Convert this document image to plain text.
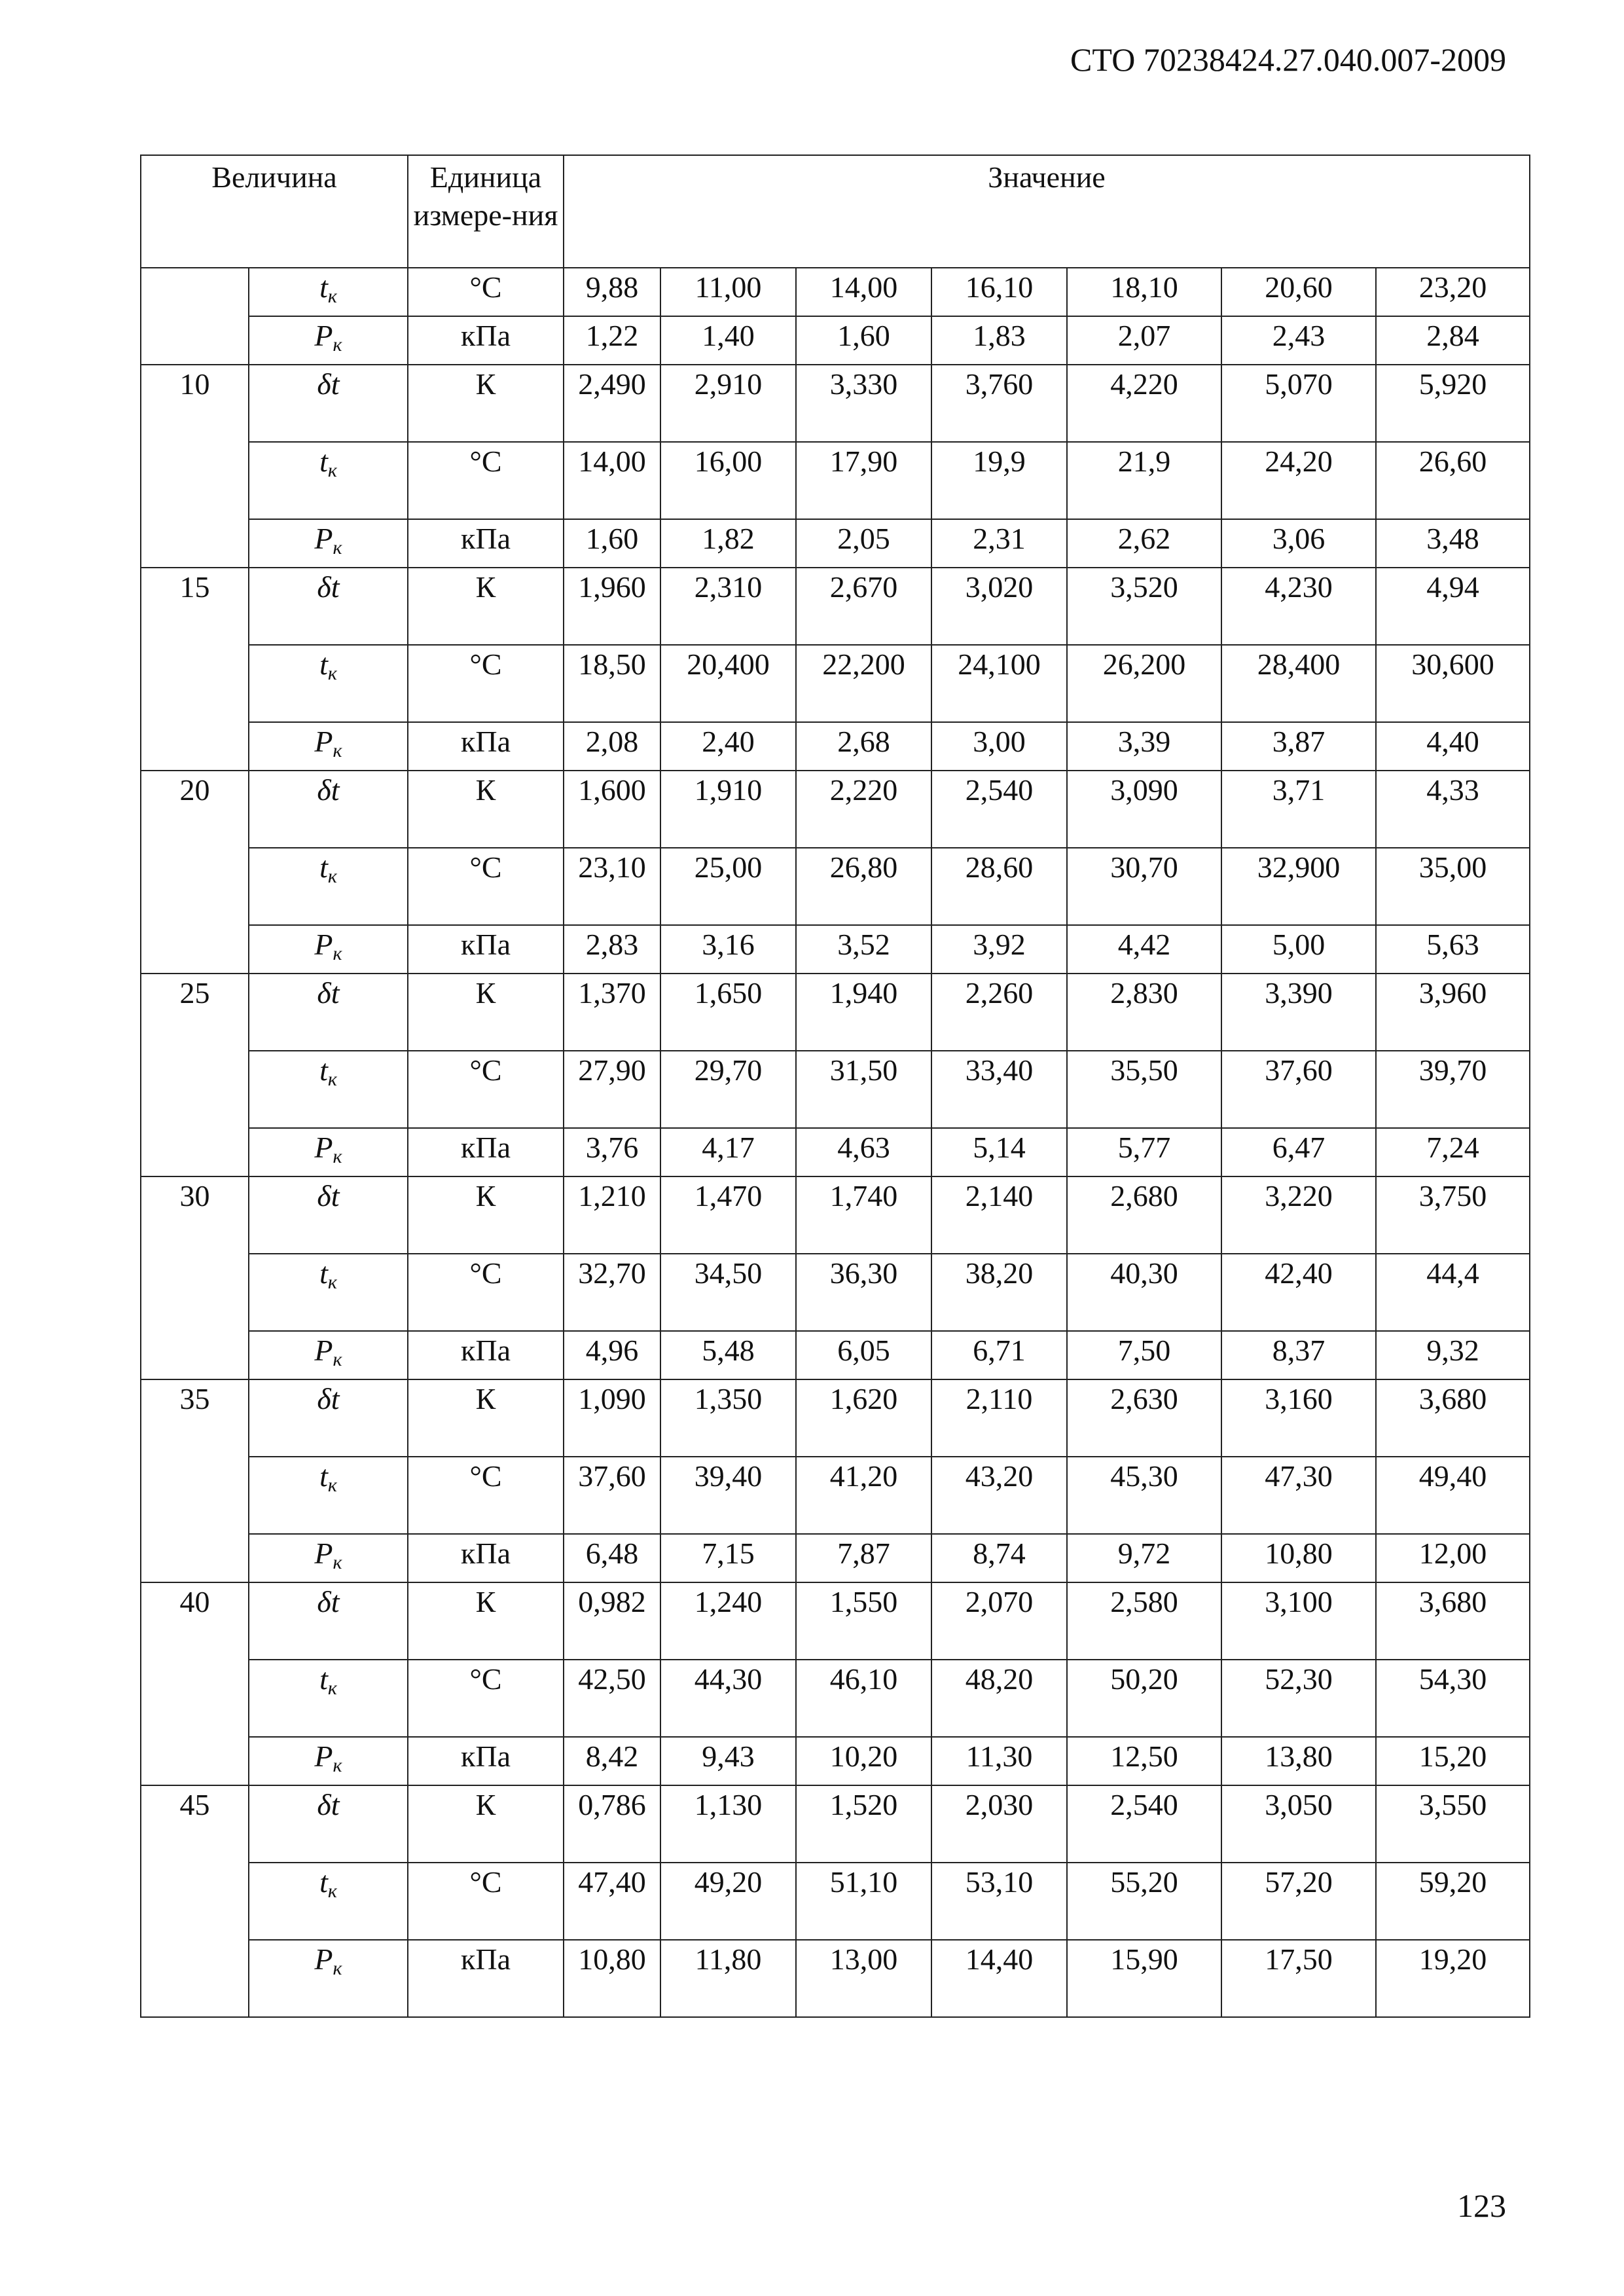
СТО 70238424.27.040.007-2009
Величина		Единица измере-ния	Значение						
	$t_к$	°С	9,88	11,00	14,00	16,10	18,10	20,60	23,20
	$P_к$	кПа	1,22	1,40	1,60	1,83	2,07	2,43	2,84
10	δt	К	2,490	2,910	3,330	3,760	4,220	5,070	5,920
	$t_к$	°С	14,00	16,00	17,90	19,9	21,9	24,20	26,60
	$P_к$	кПа	1,60	1,82	2,05	2,31	2,62	3,06	3,48
15	δt	К	1,960	2,310	2,670	3,020	3,520	4,230	4,94
	$t_к$	°С	18,50	20,400	22,200	24,100	26,200	28,400	30,600
	$P_к$	кПа	2,08	2,40	2,68	3,00	3,39	3,87	4,40
20	δt	К	1,600	1,910	2,220	2,540	3,090	3,71	4,33
	$t_к$	°С	23,10	25,00	26,80	28,60	30,70	32,900	35,00
	$P_к$	кПа	2,83	3,16	3,52	3,92	4,42	5,00	5,63
25	δt	К	1,370	1,650	1,940	2,260	2,830	3,390	3,960
	$t_к$	°С	27,90	29,70	31,50	33,40	35,50	37,60	39,70
	$P_к$	кПа	3,76	4,17	4,63	5,14	5,77	6,47	7,24
30	δt	К	1,210	1,470	1,740	2,140	2,680	3,220	3,750
	$t_к$	°С	32,70	34,50	36,30	38,20	40,30	42,40	44,4
	$P_к$	кПа	4,96	5,48	6,05	6,71	7,50	8,37	9,32
35	δt	К	1,090	1,350	1,620	2,110	2,630	3,160	3,680
	$t_к$	°С	37,60	39,40	41,20	43,20	45,30	47,30	49,40
	$P_к$	кПа	6,48	7,15	7,87	8,74	9,72	10,80	12,00
40	δt	К	0,982	1,240	1,550	2,070	2,580	3,100	3,680
	$t_к$	°С	42,50	44,30	46,10	48,20	50,20	52,30	54,30
	$P_к$	кПа	8,42	9,43	10,20	11,30	12,50	13,80	15,20
45	δt	К	0,786	1,130	1,520	2,030	2,540	3,050	3,550
	$t_к$	°С	47,40	49,20	51,10	53,10	55,20	57,20	59,20
	$P_к$	кПа	10,80	11,80	13,00	14,40	15,90	17,50	19,20
123
